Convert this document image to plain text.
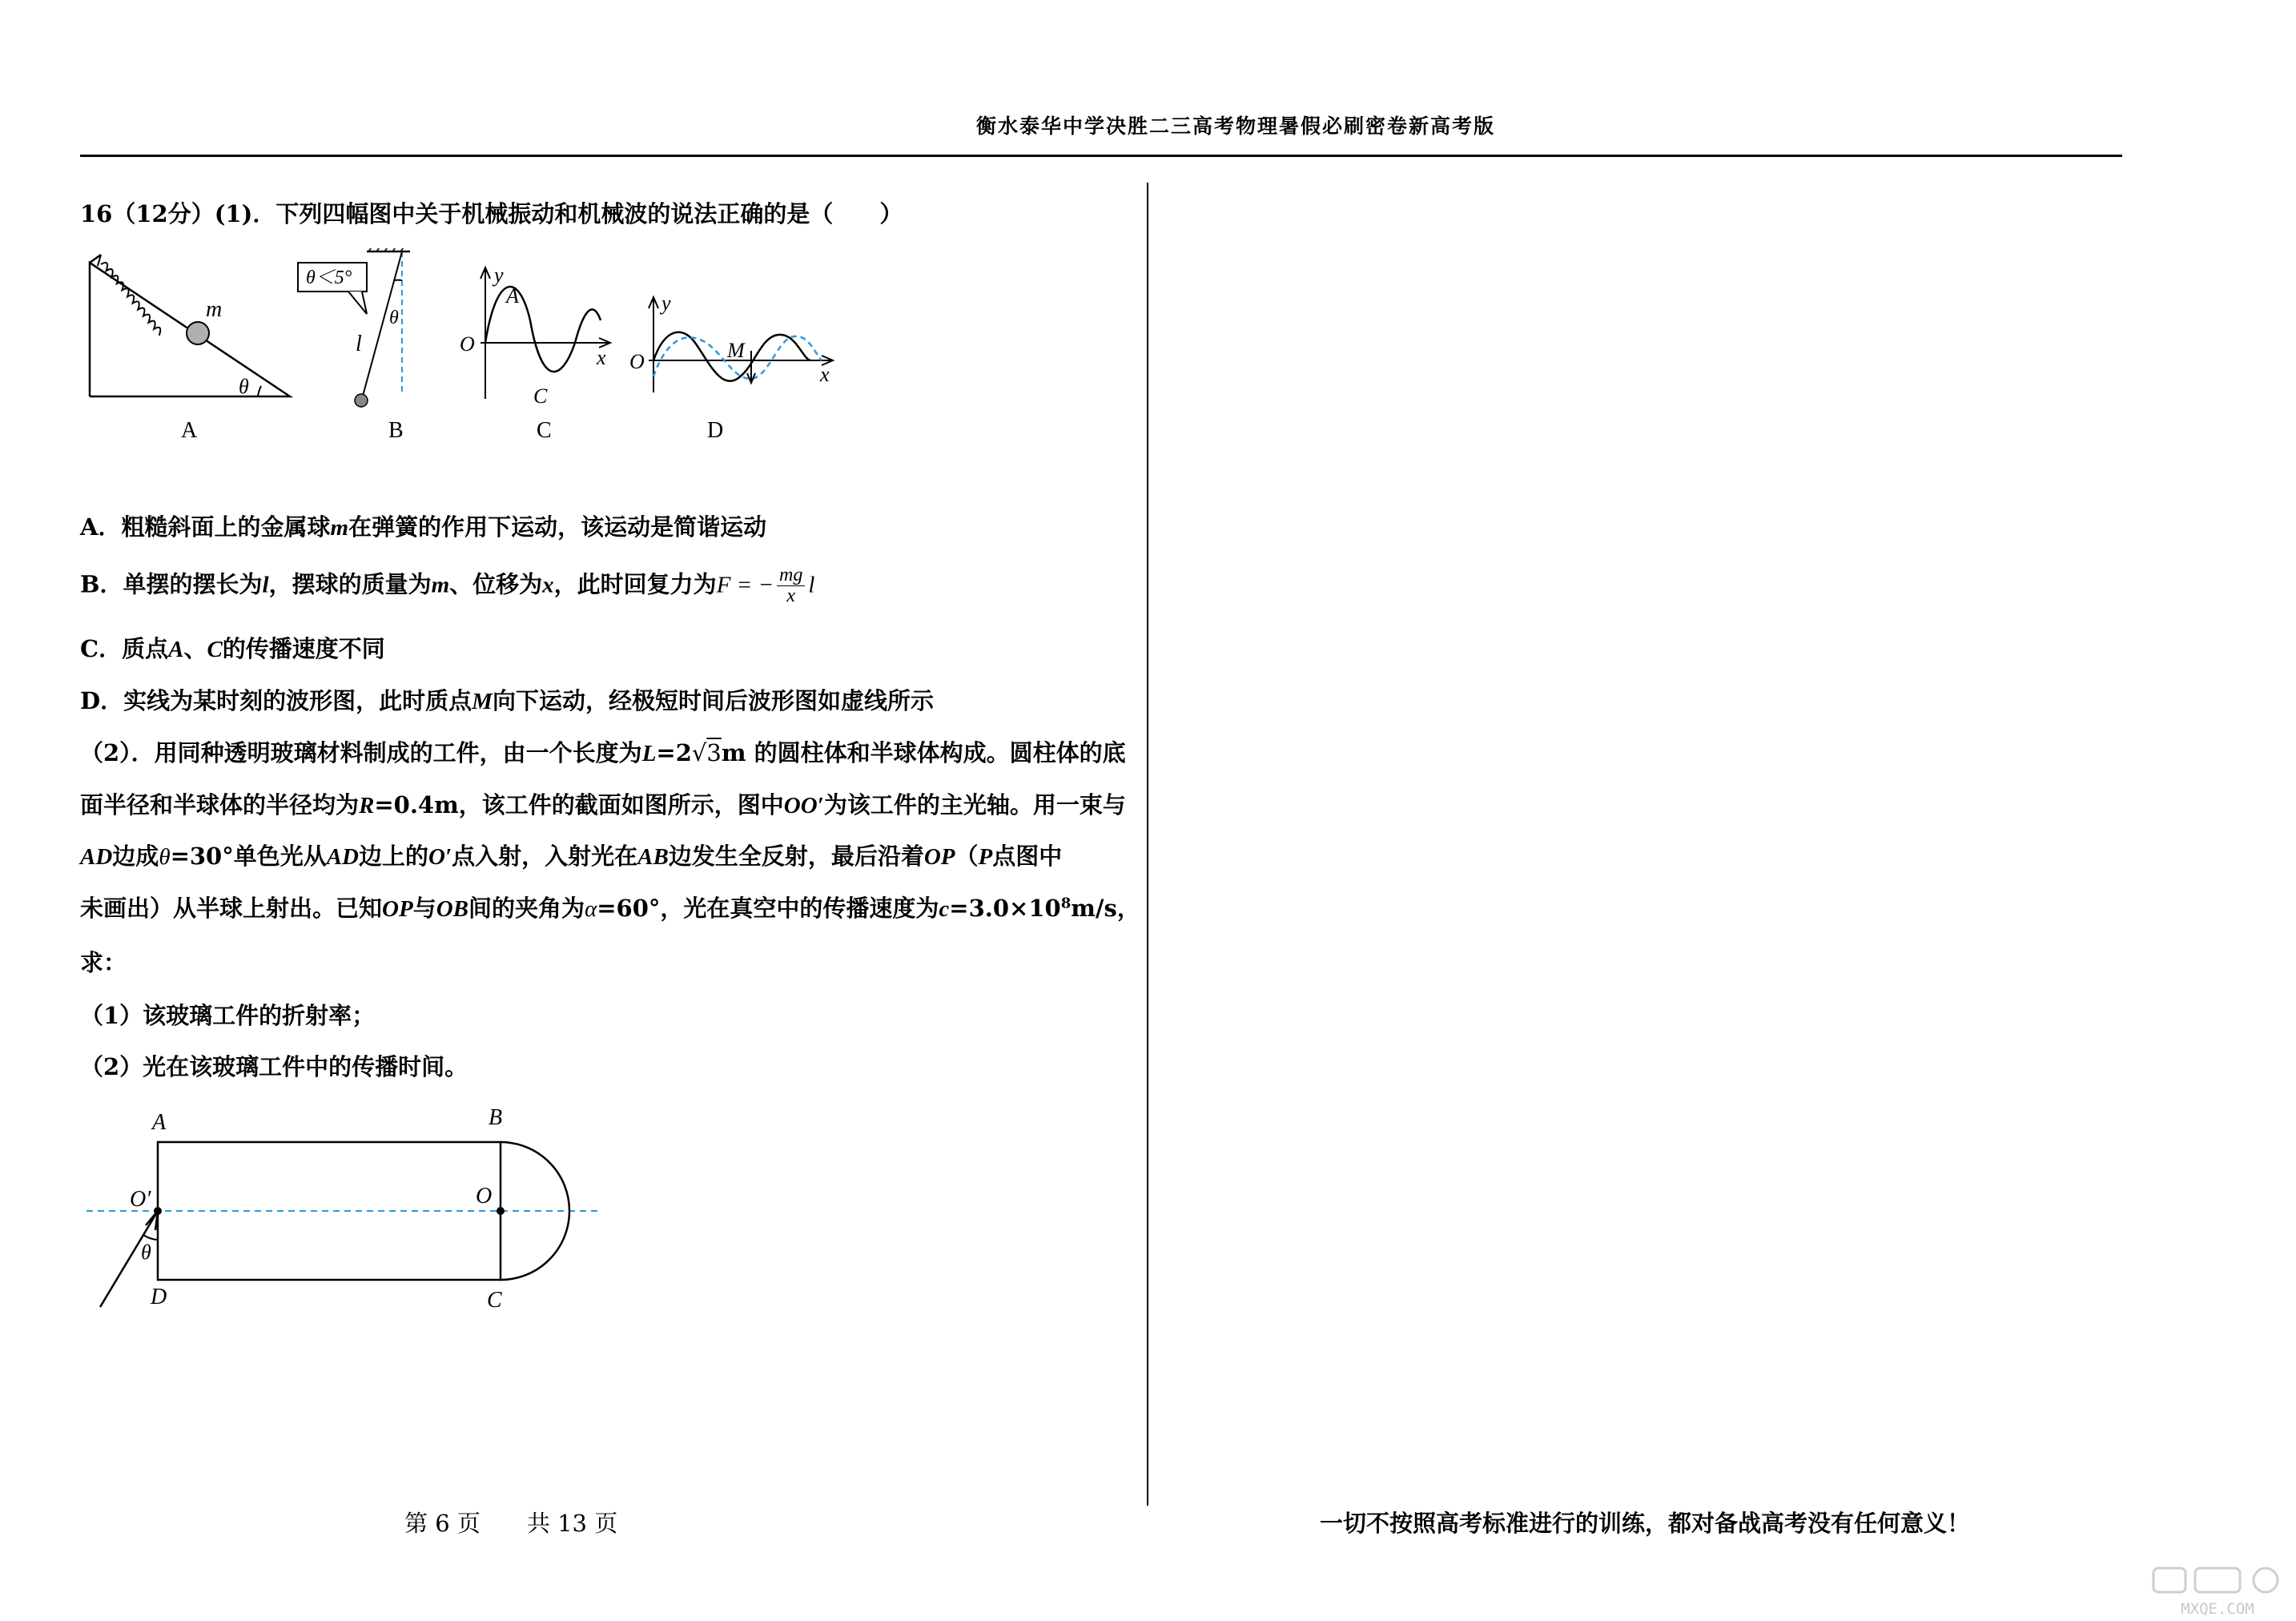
衡水泰华中学决胜二三高考物理暑假必刷密卷新高考版
16（12分）(1)．下列四幅图中关于机械振动和机械波的说法正确的是（　　）
m
θ
θ＜5°
θ
l
y
A
O
x
C
y
O	M
x
A	B	C	D
A．粗糙斜面上的金属球m在弹簧的作用下运动，该运动是简谐运动
B．单摆的摆长为l，摆球的质量为m、位移为x，此时回复力为F = − $\frac{mg}{x}$ l
C．质点A、C的传播速度不同
D．实线为某时刻的波形图，此时质点M向下运动，经极短时间后波形图如虚线所示
（2）．用同种透明玻璃材料制成的工件，由一个长度为L=2√3m 的圆柱体和半球体构成。圆柱体的底
面半径和半球体的半径均为R=0.4m，该工件的截面如图所示，图中OO′为该工件的主光轴。用一束与
AD边成θ=30°单色光从AD边上的O′点入射，入射光在AB边发生全反射，最后沿着OP（P点图中
未画出）从半球上射出。已知OP与OB间的夹角为α=60°，光在真空中的传播速度为$c=3.0\times 10^8m/s$，
求：
（1）该玻璃工件的折射率；
（2）光在该玻璃工件中的传播时间。
A	B
C
D
O′	O
θ
第 6 页　　共 13 页	一切不按照高考标准进行的训练，都对备战高考没有任何意义！
MXQE.COM
